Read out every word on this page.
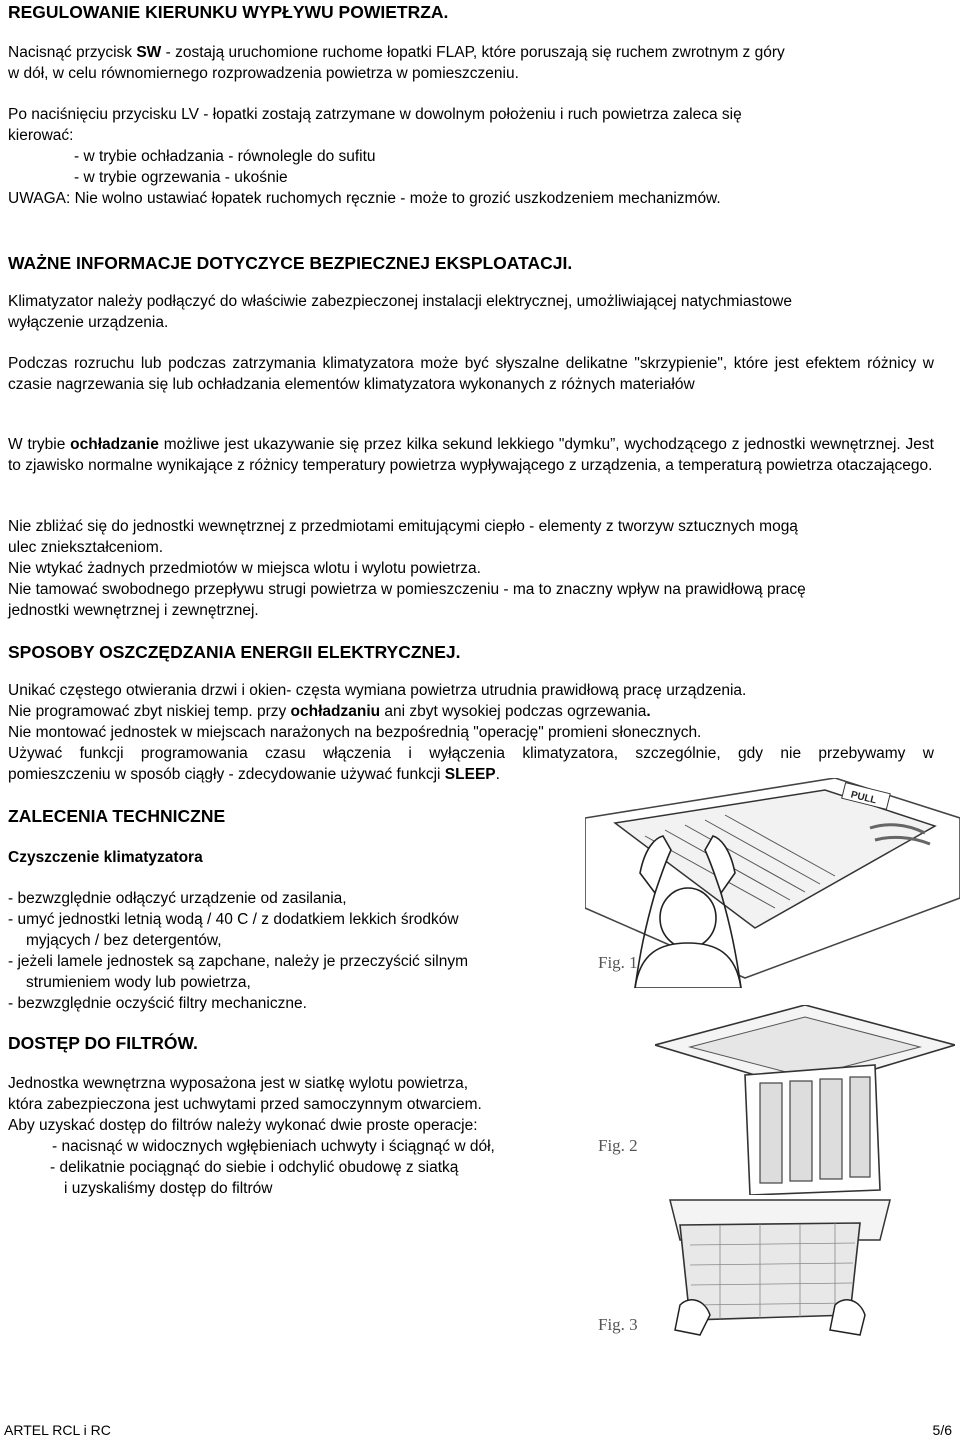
REGULOWANIE KIERUNKU WYPŁYWU POWIETRZA.

Nacisnąć przycisk SW - zostają uruchomione ruchome łopatki FLAP, które poruszają się ruchem zwrotnym z góry

w dół, w celu równomiernego rozprowadzenia powietrza w pomieszczeniu.

Po naciśnięciu przycisku LV - łopatki zostają zatrzymane w dowolnym położeniu i ruch powietrza zaleca się

kierować:

- w trybie ochładzania - równolegle do sufitu

- w trybie ogrzewania - ukośnie

UWAGA: Nie wolno ustawiać łopatek ruchomych ręcznie - może to grozić uszkodzeniem mechanizmów.

WAŻNE INFORMACJE DOTYCZYCE BEZPIECZNEJ EKSPLOATACJI.

Klimatyzator należy podłączyć do właściwie zabezpieczonej instalacji elektrycznej, umożliwiającej natychmiastowe

wyłączenie urządzenia.

Podczas rozruchu lub podczas zatrzymania klimatyzatora może być słyszalne delikatne "skrzypienie", które jest efektem różnicy w czasie nagrzewania się lub ochładzania elementów klimatyzatora wykonanych z różnych materiałów

W trybie ochładzanie możliwe jest ukazywanie się przez kilka sekund lekkiego "dymku”, wychodzącego z jednostki wewnętrznej. Jest to zjawisko normalne wynikające z różnicy temperatury powietrza wypływającego z urządzenia, a temperaturą powietrza otaczającego.

Nie zbliżać się do jednostki wewnętrznej z przedmiotami emitującymi ciepło - elementy z tworzyw sztucznych mogą

ulec zniekształceniom.

Nie wtykać żadnych przedmiotów w miejsca wlotu i wylotu powietrza.

Nie tamować swobodnego przepływu strugi powietrza w pomieszczeniu - ma to znaczny wpływ na prawidłową pracę

jednostki wewnętrznej i zewnętrznej.

SPOSOBY OSZCZĘDZANIA ENERGII ELEKTRYCZNEJ.

Unikać częstego otwierania drzwi i okien- częsta wymiana powietrza utrudnia prawidłową pracę urządzenia.

Nie programować zbyt niskiej temp. przy ochładzaniu ani zbyt wysokiej podczas ogrzewania.

Nie montować jednostek w miejscach narażonych na bezpośrednią "operację" promieni słonecznych.

Używać funkcji programowania czasu włączenia i wyłączenia klimatyzatora, szczególnie, gdy nie przebywamy w

pomieszczeniu w sposób ciągły - zdecydowanie używać funkcji SLEEP.

ZALECENIA TECHNICZNE
Czyszczenie klimatyzatora

- bezwzględnie odłączyć urządzenie od zasilania,

- umyć jednostki letnią wodą / 40 C / z dodatkiem lekkich środków

myjących / bez detergentów,

- jeżeli lamele jednostek są zapchane, należy je przeczyścić silnym

strumieniem wody lub powietrza,

- bezwzględnie oczyścić filtry mechaniczne.

DOSTĘP DO FILTRÓW.

Jednostka wewnętrzna wyposażona jest w siatkę wylotu powietrza,

która zabezpieczona jest uchwytami przed samoczynnym otwarciem.

Aby uzyskać dostęp do filtrów należy wykonać dwie proste operacje:

- nacisnąć w widocznych wgłębieniach uchwyty i ściągnąć w dół,

- delikatnie pociągnąć do siebie i odchylić obudowę z siatką

i uzyskaliśmy dostęp do filtrów

PULL
Fig. 1
Fig. 2
Fig. 3
ARTEL RCL i RC	5/6
